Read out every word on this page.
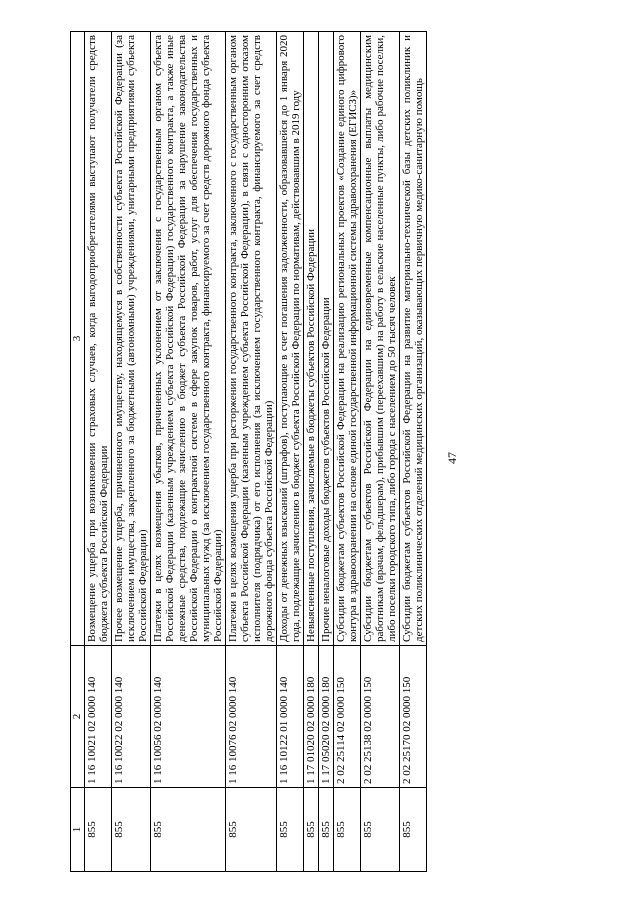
47
1	2	3
855	1 16 10021 02 0000 140	Возмещение ущерба при возникновении страховых случаев, когда выгодоприобретателями выступают получатели средств бюджета субъекта Российской Федерации
855	1 16 10022 02 0000 140	Прочее возмещение ущерба, причиненного имуществу, находящемуся в собственности субъекта Российской Федерации (за исключением имущества, закрепленного за бюджетными (автономными) учреждениями, унитарными предприятиями субъекта Российской Федерации)
855	1 16 10056 02 0000 140	Платежи в целях возмещения убытков, причиненных уклонением от заключения с государственным органом субъекта Российской Федерации (казенным учреждением субъекта Российской Федерации) государственного контракта, а также иные денежные средства, подлежащие зачислению в бюджет субъекта Российской Федерации за нарушение законодательства Российской Федерации о контрактной системе в сфере закупок товаров, работ, услуг для обеспечения государственных и муниципальных нужд (за исключением государственного контракта, финансируемого за счет средств дорожного фонда субъекта Российской Федерации)
855	1 16 10076 02 0000 140	Платежи в целях возмещения ущерба при расторжении государственного контракта, заключенного с государственным органом субъекта Российской Федерации (казенным учреждением субъекта Российской Федерации), в связи с односторонним отказом исполнителя (подрядчика) от его исполнения (за исключением государственного контракта, финансируемого за счет средств дорожного фонда субъекта Российской Федерации)
855	1 16 10122 01 0000 140	Доходы от денежных взысканий (штрафов), поступающие в счет погашения задолженности, образовавшейся до 1 января 2020 года, подлежащие зачислению в бюджет субъекта Российской Федерации по нормативам, действовавшим в 2019 году
855	1 17 01020 02 0000 180	Невыясненные поступления, зачисляемые в бюджеты субъектов Российской Федерации
855	1 17 05020 02 0000 180	Прочие неналоговые доходы бюджетов субъектов Российской Федерации
855	2 02 25114 02 0000 150	Субсидии бюджетам субъектов Российской Федерации на реализацию региональных проектов «Создание единого цифрового контура в здравоохранении на основе единой государственной информационной системы здравоохранения (ЕГИСЗ)»
855	2 02 25138 02 0000 150	Субсидии бюджетам субъектов Российской Федерации на единовременные компенсационные выплаты медицинским работникам (врачам, фельдшерам), прибывшим (переехавшим) на работу в сельские населенные пункты, либо рабочие поселки, либо поселки городского типа, либо города с населением до 50 тысяч человек
855	2 02 25170 02 0000 150	Субсидии бюджетам субъектов Российской Федерации на развитие материально-технической базы детских поликлиник и детских поликлинических отделений медицинских организаций, оказывающих первичную медико-санитарную помощь
